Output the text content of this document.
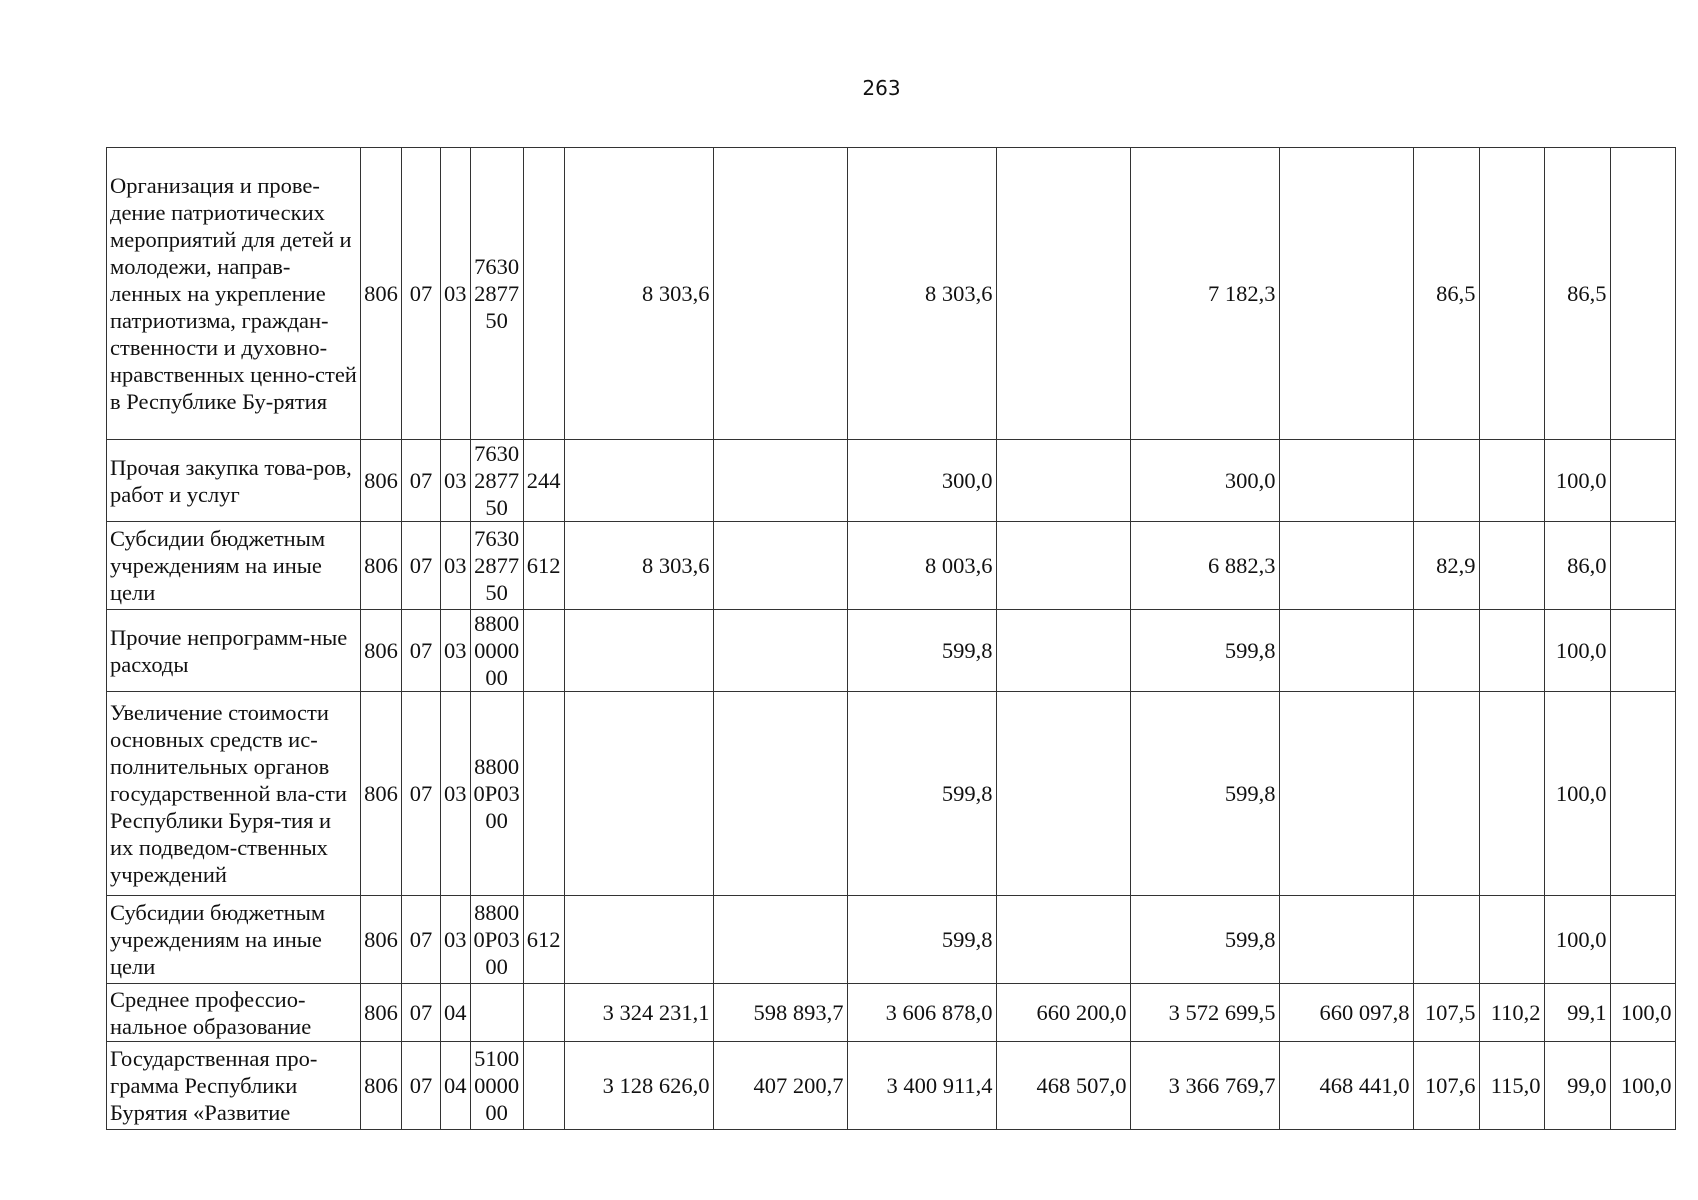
263
Организация и прове-дение патриотических мероприятий для детей и молодежи, направ-ленных на укрепление патриотизма, граждан-ственности и духовно-нравственных ценно-стей в Республике Бу-рятия	806	07	03	7630
2877
50		8 303,6		8 303,6		7 182,3		86,5		86,5	
Прочая закупка това-ров, работ и услуг	806	07	03	7630
2877
50	244			300,0		300,0				100,0	
Субсидии бюджетным учреждениям на иные цели	806	07	03	7630
2877
50	612	8 303,6		8 003,6		6 882,3		82,9		86,0	
Прочие непрограмм-ные расходы	806	07	03	8800
0000
00				599,8		599,8				100,0	
Увеличение стоимости основных средств ис-полнительных органов государственной вла-сти Республики Буря-тия и их подведом-ственных учреждений	806	07	03	8800
0Р03
00				599,8		599,8				100,0	
Субсидии бюджетным учреждениям на иные цели	806	07	03	8800
0Р03
00	612			599,8		599,8				100,0	
Среднее профессио-нальное образование	806	07	04			3 324 231,1	598 893,7	3 606 878,0	660 200,0	3 572 699,5	660 097,8	107,5	110,2	99,1	100,0
Государственная про-грамма Республики Бурятия «Развитие	806	07	04	5100
0000
00		3 128 626,0	407 200,7	3 400 911,4	468 507,0	3 366 769,7	468 441,0	107,6	115,0	99,0	100,0
